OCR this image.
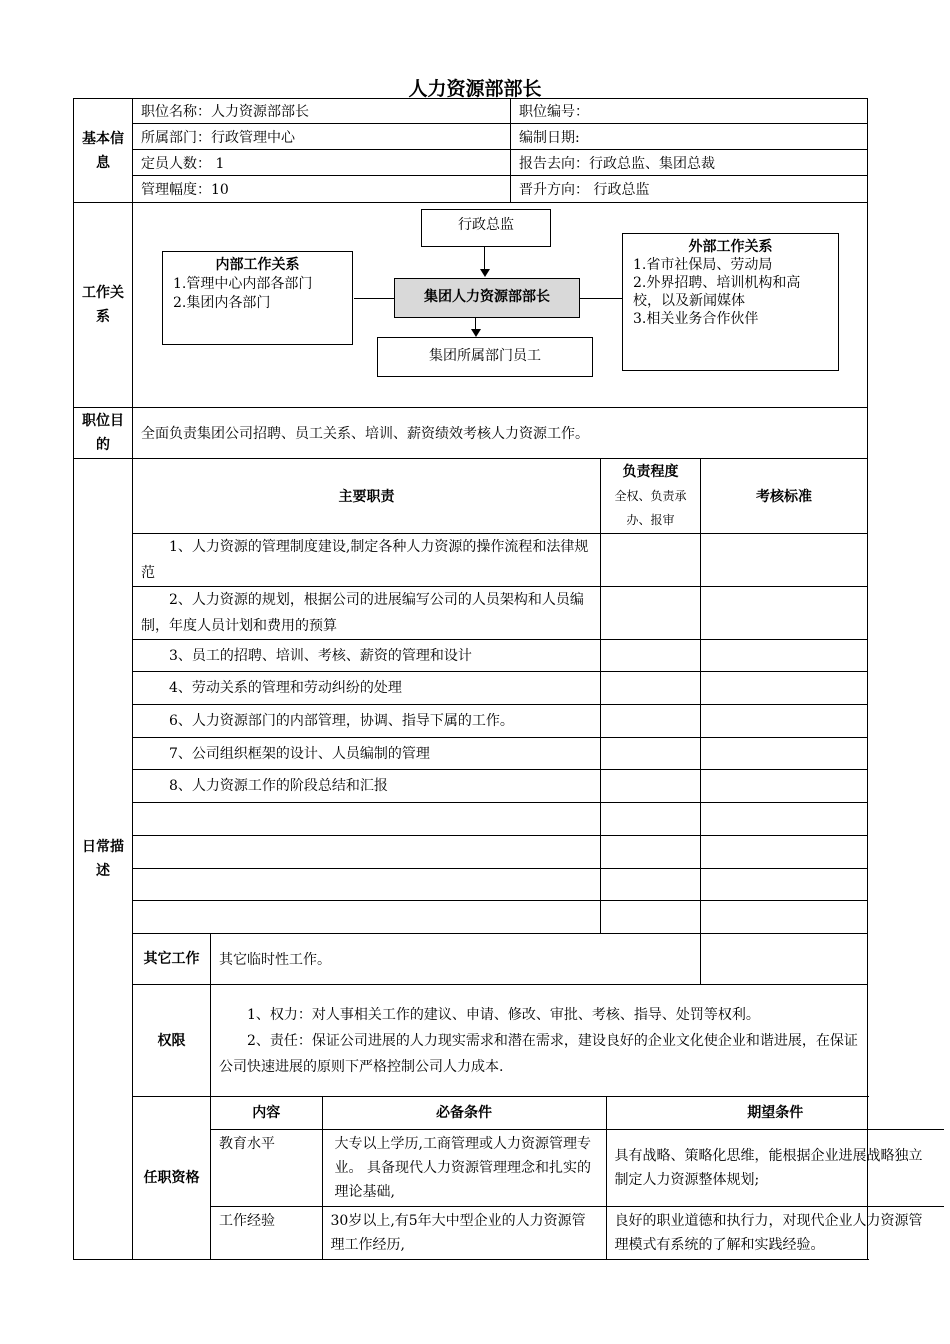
人力资源部部长
基本信息	职位名称：人力资源部部长	职位编号：
所属部门：行政管理中心	编制日期:
定员人数： 1	报告去向：行政总监、集团总裁
管理幅度：10	晋升方向： 行政总监
工作关系	
行政总监
内部工作关系
1.管理中心内部各部门
2.集团内各部门	集团人力资源部部长
外部工作关系
1.省市社保局、劳动局
2.外界招聘、培训机构和高校，以及新闻媒体
3.相关业务合作伙伴
集团所属部门员工

职位目的	全面负责集团公司招聘、员工关系、培训、薪资绩效考核人力资源工作。
日常描述	主要职责	
负责程度
全权、负责承办、报审
	考核标准
1、人力资源的管理制度建设,制定各种人力资源的操作流程和法律规范		
2、人力资源的规划，根据公司的进展编写公司的人员架构和人员编制，年度人员计划和费用的预算		
3、员工的招聘、培训、考核、薪资的管理和设计		
4、劳动关系的管理和劳动纠纷的处理		
6、人力资源部门的内部管理，协调、指导下属的工作。		
7、公司组织框架的设计、人员编制的管理		
8、人力资源工作的阶段总结和汇报		

其它工作	其它临时性工作。		
权限	

1、权力：对人事相关工作的建议、申请、修改、审批、考核、指导、处罚等权利。

2、责任：保证公司进展的人力现实需求和潜在需求，建设良好的企业文化使企业和谐进展，在保证公司快速进展的原则下严格控制公司人力成本.

任职资格	
内容	必备条件	期望条件
教育水平	大专以上学历,工商管理或人力资源管理专业。 具备现代人力资源管理理念和扎实的理论基础,	具有战略、策略化思维，能根据企业进展战略独立制定人力资源整体规划;
工作经验	30岁以上,有5年大中型企业的人力资源管理工作经历,	良好的职业道德和执行力，对现代企业人力资源管理模式有系统的了解和实践经验。
